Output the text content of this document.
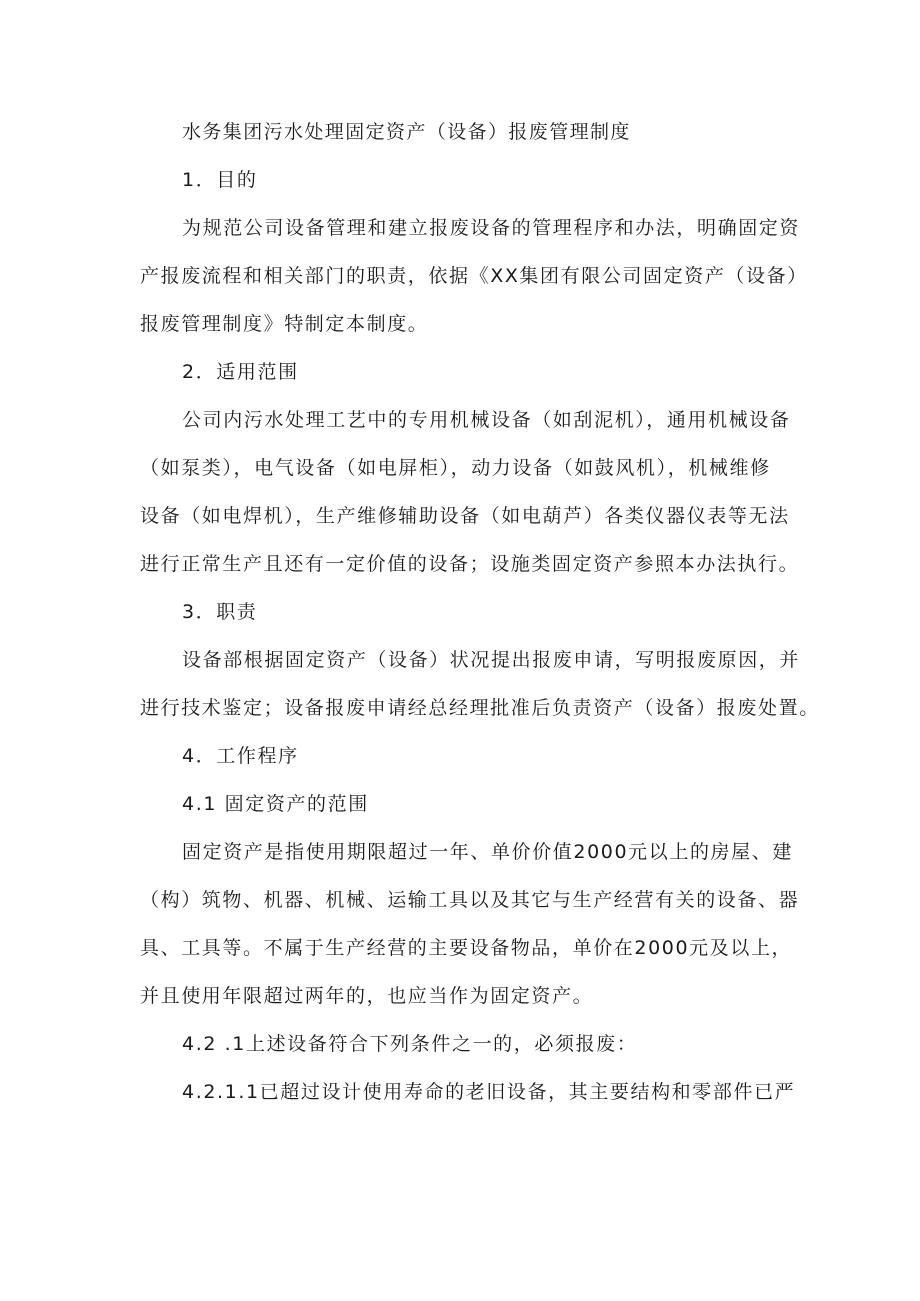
水务集团污水处理固定资产（设备）报废管理制度
1．目的
为规范公司设备管理和建立报废设备的管理程序和办法，明确固定资
产报废流程和相关部门的职责，依据《XX集团有限公司固定资产（设备）
报废管理制度》特制定本制度。
2．适用范围
公司内污水处理工艺中的专用机械设备（如刮泥机），通用机械设备
（如泵类），电气设备（如电屏柜），动力设备（如鼓风机），机械维修
设备（如电焊机），生产维修辅助设备（如电葫芦）各类仪器仪表等无法
进行正常生产且还有一定价值的设备；设施类固定资产参照本办法执行。
3．职责
设备部根据固定资产（设备）状况提出报废申请，写明报废原因，并
进行技术鉴定；设备报废申请经总经理批准后负责资产（设备）报废处置。
4．工作程序
4.1 固定资产的范围
固定资产是指使用期限超过一年、单价价值2000元以上的房屋、建
（构）筑物、机器、机械、运输工具以及其它与生产经营有关的设备、器
具、工具等。不属于生产经营的主要设备物品，单价在2000元及以上，
并且使用年限超过两年的，也应当作为固定资产。
4.2 .1上述设备符合下列条件之一的，必须报废：
4.2.1.1已超过设计使用寿命的老旧设备，其主要结构和零部件已严
